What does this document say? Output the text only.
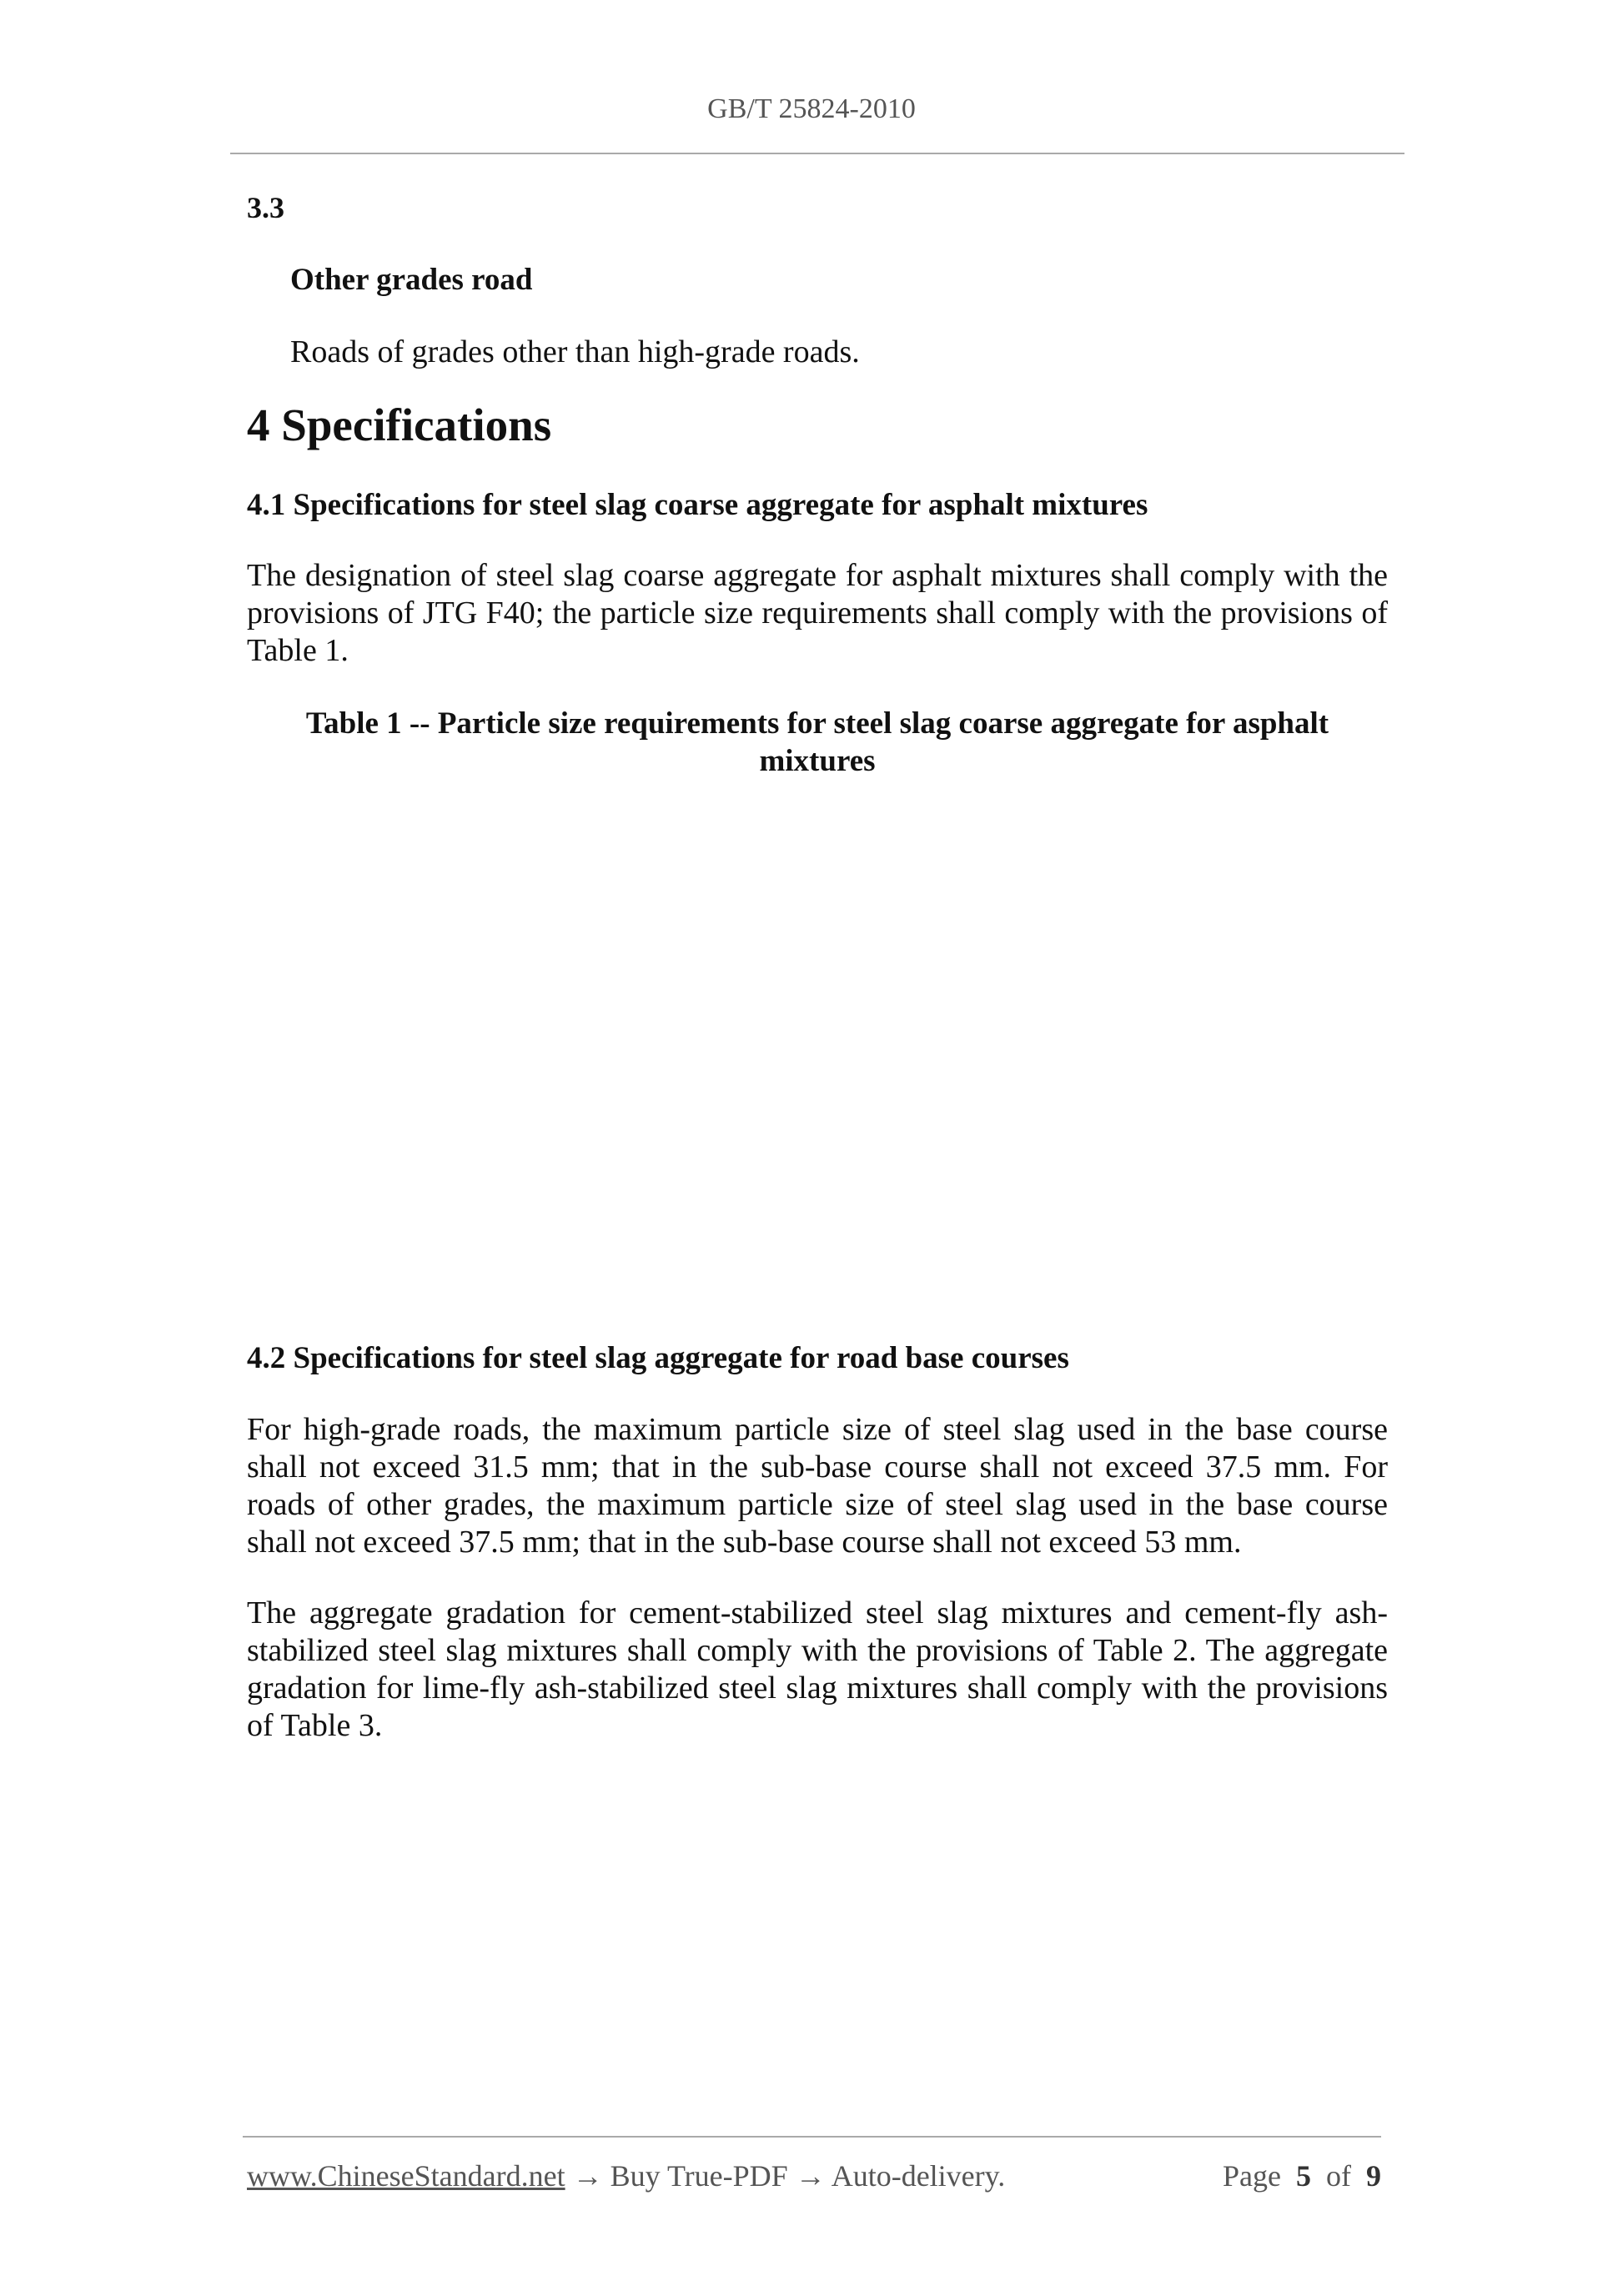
GB/T 25824-2010
3.3
Other grades road
Roads of grades other than high-grade roads.
4 Specifications
4.1 Specifications for steel slag coarse aggregate for asphalt mixtures
The designation of steel slag coarse aggregate for asphalt mixtures shall comply with the provisions of JTG F40; the particle size requirements shall comply with the provisions of Table 1.
Table 1 -- Particle size requirements for steel slag coarse aggregate for asphalt mixtures
4.2 Specifications for steel slag aggregate for road base courses
For high-grade roads, the maximum particle size of steel slag used in the base course shall not exceed 31.5 mm; that in the sub-base course shall not exceed 37.5 mm. For roads of other grades, the maximum particle size of steel slag used in the base course shall not exceed 37.5 mm; that in the sub-base course shall not exceed 53 mm.
The aggregate gradation for cement-stabilized steel slag mixtures and cement-fly ash-stabilized steel slag mixtures shall comply with the provisions of Table 2. The aggregate gradation for lime-fly ash-stabilized steel slag mixtures shall comply with the provisions of Table 3.
www.ChineseStandard.net → Buy True-PDF → Auto-delivery.	Page 5 of 9
